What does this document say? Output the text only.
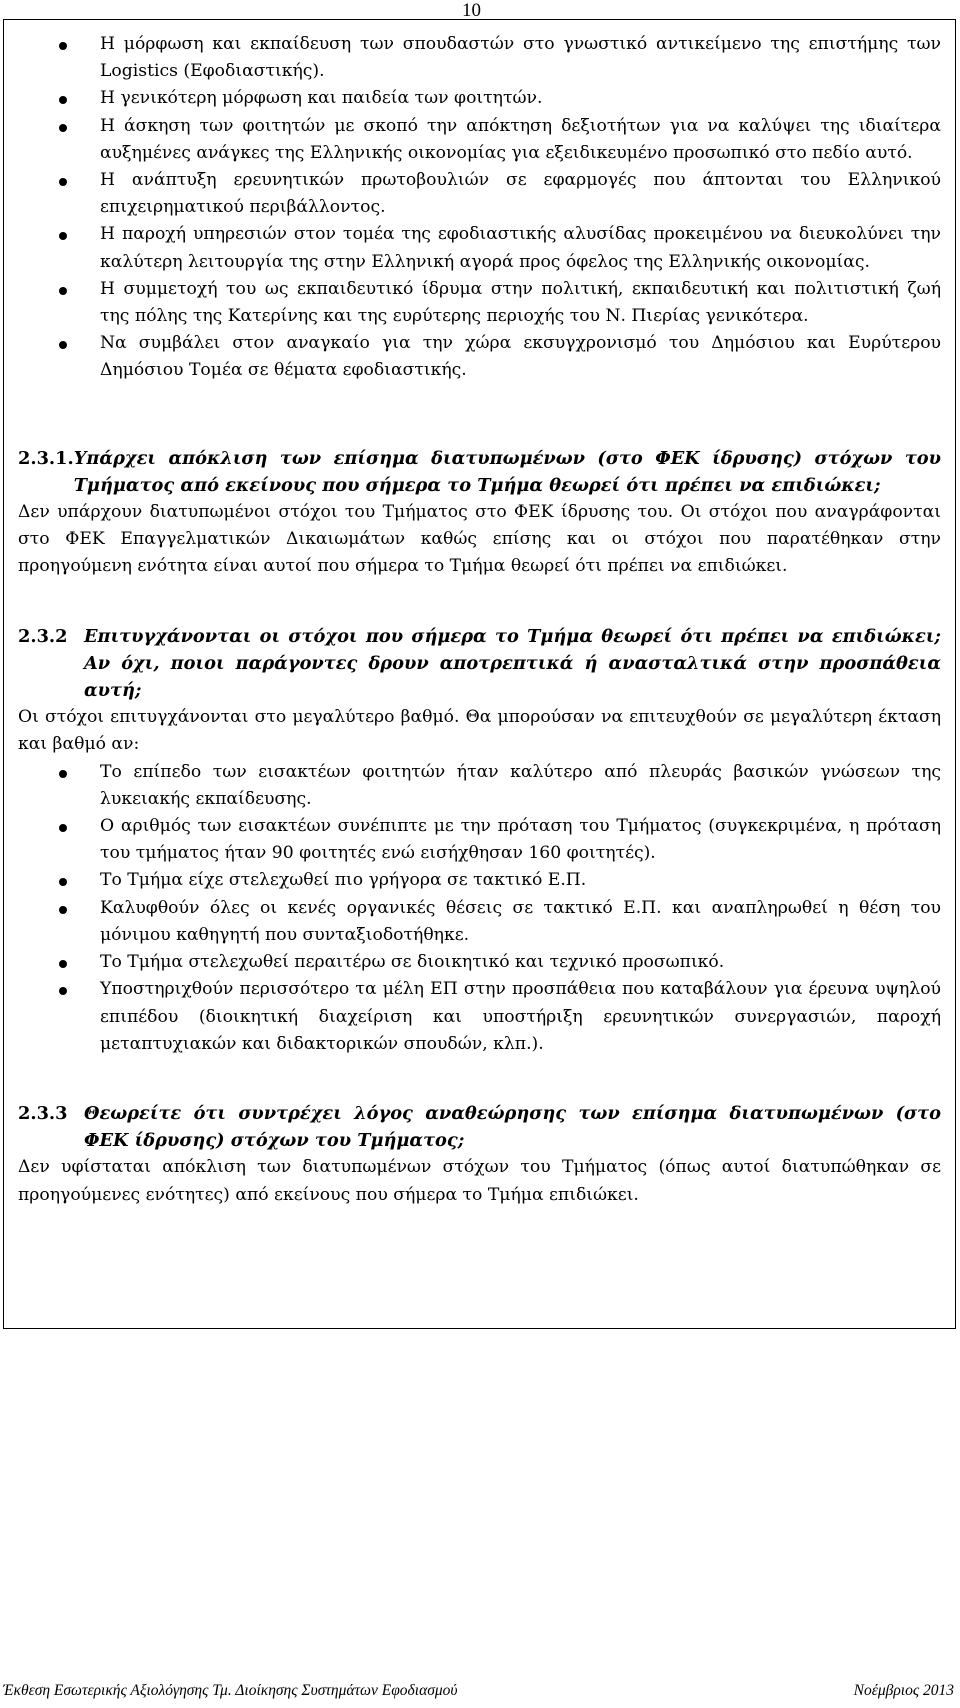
10
Η μόρφωση και εκπαίδευση των σπουδαστών στο γνωστικό αντικείμενο της επιστήμης των Logistics (Εφοδιαστικής).
Η γενικότερη μόρφωση και παιδεία των φοιτητών.
Η άσκηση των φοιτητών με σκοπό την απόκτηση δεξιοτήτων για να καλύψει της ιδιαίτερα αυξημένες ανάγκες της Ελληνικής οικονομίας για εξειδικευμένο προσωπικό στο πεδίο αυτό.
Η ανάπτυξη ερευνητικών πρωτοβουλιών σε εφαρμογές που άπτονται του Ελληνικού επιχειρηματικού περιβάλλοντος.
Η παροχή υπηρεσιών στον τομέα της εφοδιαστικής αλυσίδας προκειμένου να διευκολύνει την καλύτερη λειτουργία της στην Ελληνική αγορά προς όφελος της Ελληνικής οικονομίας.
Η συμμετοχή του ως εκπαιδευτικό ίδρυμα στην πολιτική, εκπαιδευτική και πολιτιστική ζωή της πόλης της Κατερίνης και της ευρύτερης περιοχής του Ν. Πιερίας γενικότερα.
Να συμβάλει στον αναγκαίο για την χώρα εκσυγχρονισμό του Δημόσιου και Ευρύτερου Δημόσιου Τομέα σε θέματα εφοδιαστικής.
2.3.1. Υπάρχει απόκλιση των επίσημα διατυπωμένων (στο ΦΕΚ ίδρυσης) στόχων του Τμήματος από εκείνους που σήμερα το Τμήμα θεωρεί ότι πρέπει να επιδιώκει;
Δεν υπάρχουν διατυπωμένοι στόχοι του Τμήματος στο ΦΕΚ ίδρυσης του. Οι στόχοι που αναγράφονται στο ΦΕΚ Επαγγελματικών Δικαιωμάτων καθώς επίσης και οι στόχοι που παρατέθηκαν στην προηγούμενη ενότητα είναι αυτοί που σήμερα το Τμήμα θεωρεί ότι πρέπει να επιδιώκει.
2.3.2 Επιτυγχάνονται οι στόχοι που σήμερα το Τμήμα θεωρεί ότι πρέπει να επιδιώκει; Αν όχι, ποιοι παράγοντες δρουν αποτρεπτικά ή ανασταλτικά στην προσπάθεια αυτή;
Οι στόχοι επιτυγχάνονται στο μεγαλύτερο βαθμό. Θα μπορούσαν να επιτευχθούν σε μεγαλύτερη έκταση και βαθμό αν:
Το επίπεδο των εισακτέων φοιτητών ήταν καλύτερο από πλευράς βασικών γνώσεων της λυκειακής εκπαίδευσης.
Ο αριθμός των εισακτέων συνέπιπτε με την πρόταση του Τμήματος (συγκεκριμένα, η πρόταση του τμήματος ήταν 90 φοιτητές ενώ εισήχθησαν 160 φοιτητές).
Το Τμήμα είχε στελεχωθεί πιο γρήγορα σε τακτικό Ε.Π.
Καλυφθούν όλες οι κενές οργανικές θέσεις σε τακτικό Ε.Π. και αναπληρωθεί η θέση του μόνιμου καθηγητή που συνταξιοδοτήθηκε.
Το Τμήμα στελεχωθεί περαιτέρω σε διοικητικό και τεχνικό προσωπικό.
Υποστηριχθούν περισσότερο τα μέλη ΕΠ στην προσπάθεια που καταβάλουν για έρευνα υψηλού επιπέδου (διοικητική διαχείριση και υποστήριξη ερευνητικών συνεργασιών, παροχή μεταπτυχιακών και διδακτορικών σπουδών, κλπ.).
2.3.3 Θεωρείτε ότι συντρέχει λόγος αναθεώρησης των επίσημα διατυπωμένων (στο ΦΕΚ ίδρυσης) στόχων του Τμήματος;
Δεν υφίσταται απόκλιση των διατυπωμένων στόχων του Τμήματος (όπως αυτοί διατυπώθηκαν σε προηγούμενες ενότητες) από εκείνους που σήμερα το Τμήμα επιδιώκει.
Έκθεση Εσωτερικής Αξιολόγησης Τμ. Διοίκησης Συστημάτων Εφοδιασμού	Νοέμβριος 2013
